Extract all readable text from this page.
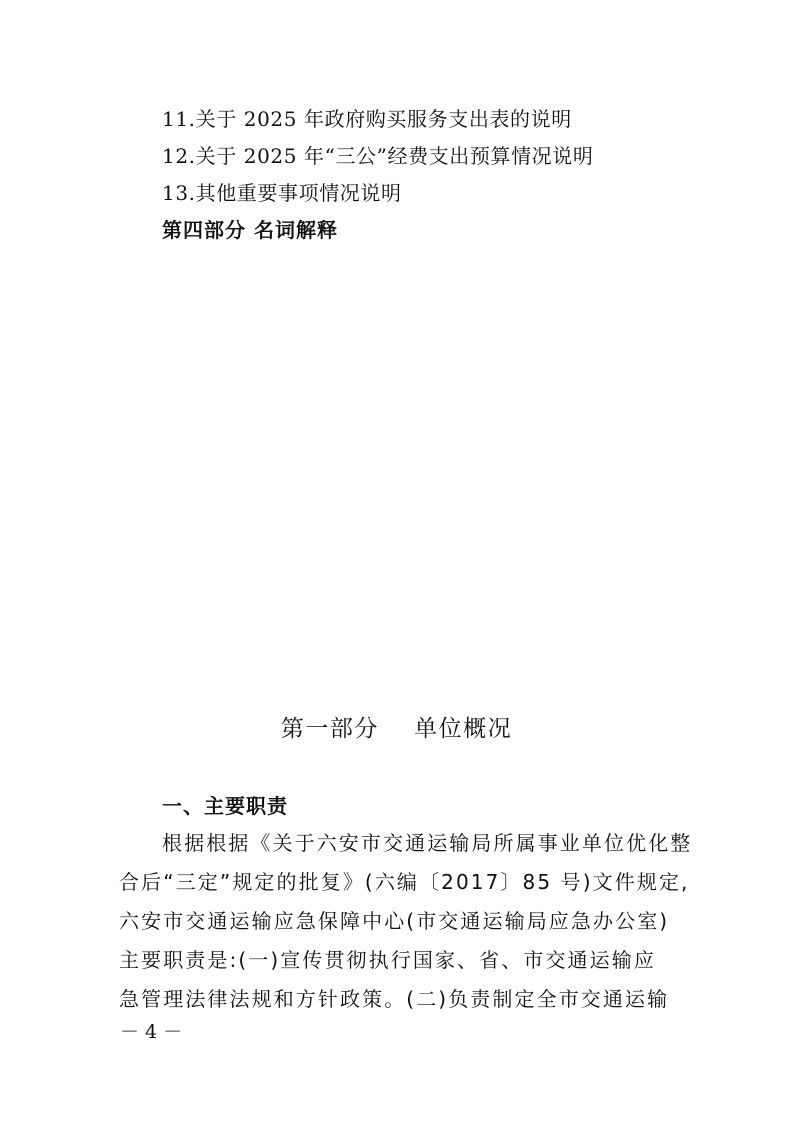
11.关于 2025 年政府购买服务支出表的说明
12.关于 2025 年“三公”经费支出预算情况说明
13.其他重要事项情况说明
第四部分 名词解释
第一部分    单位概况
一、主要职责
根据根据《关于六安市交通运输局所属事业单位优化整
合后“三定”规定的批复》(六编〔2017〕85 号)文件规定,
六安市交通运输应急保障中心(市交通运输局应急办公室)
主要职责是:(一)宣传贯彻执行国家、省、市交通运输应
急管理法律法规和方针政策。(二)负责制定全市交通运输
－ 4 －
